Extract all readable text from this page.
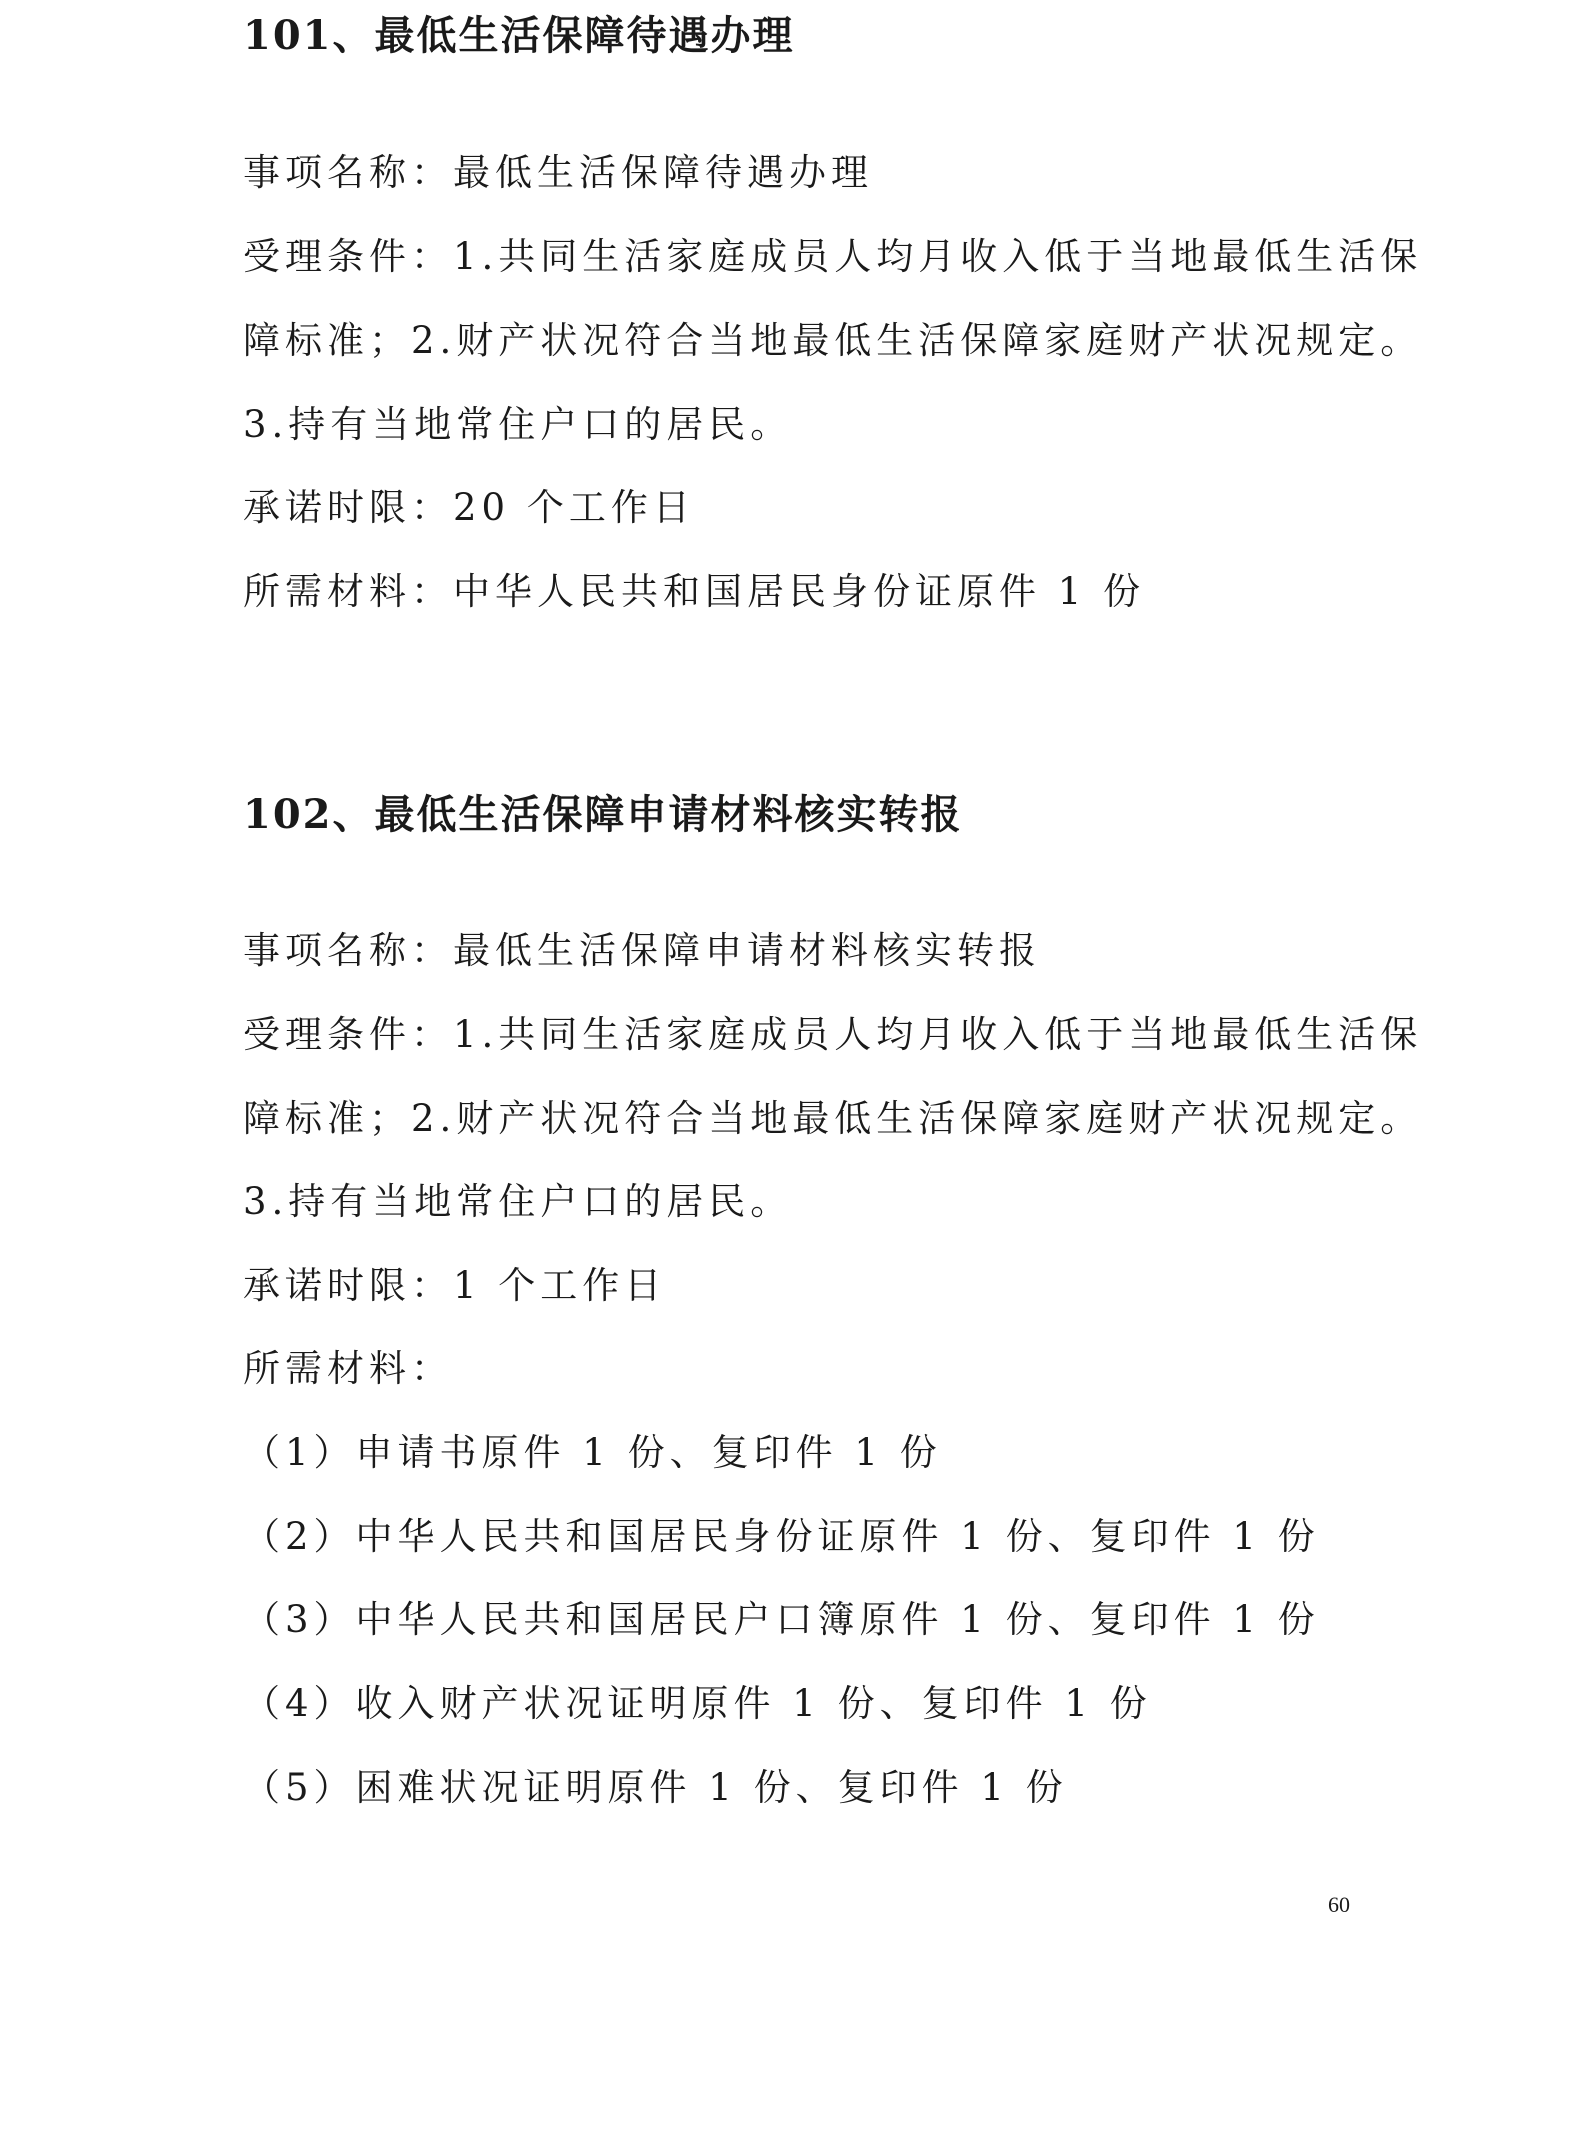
101、最低生活保障待遇办理
事项名称：最低生活保障待遇办理
受理条件：1.共同生活家庭成员人均月收入低于当地最低生活保
障标准；2.财产状况符合当地最低生活保障家庭财产状况规定。
3.持有当地常住户口的居民。
承诺时限：20 个工作日
所需材料：中华人民共和国居民身份证原件 1 份
102、最低生活保障申请材料核实转报
事项名称：最低生活保障申请材料核实转报
受理条件：1.共同生活家庭成员人均月收入低于当地最低生活保
障标准；2.财产状况符合当地最低生活保障家庭财产状况规定。
3.持有当地常住户口的居民。
承诺时限：1 个工作日
所需材料：
（1）申请书原件 1 份、复印件 1 份
（2）中华人民共和国居民身份证原件 1 份、复印件 1 份
（3）中华人民共和国居民户口簿原件 1 份、复印件 1 份
（4）收入财产状况证明原件 1 份、复印件 1 份
（5）困难状况证明原件 1 份、复印件 1 份
60
